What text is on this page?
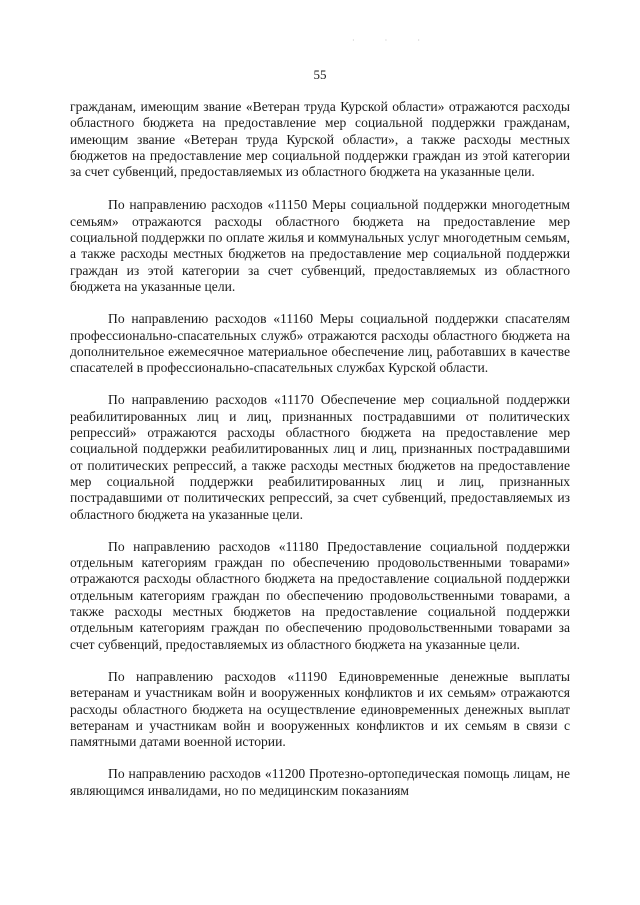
· · ·
55

гражданам, имеющим звание «Ветеран труда Курской области» отражаются расходы областного бюджета на предоставление мер социальной поддержки гражданам, имеющим звание «Ветеран труда Курской области», а также расходы местных бюджетов на предоставление мер социальной поддержки граждан из этой категории за счет субвенций, предоставляемых из областного бюджета на указанные цели.

По направлению расходов «11150 Меры социальной поддержки многодетным семьям» отражаются расходы областного бюджета на предоставление мер социальной поддержки по оплате жилья и коммунальных услуг многодетным семьям, а также расходы местных бюджетов на предоставление мер социальной поддержки граждан из этой категории за счет субвенций, предоставляемых из областного бюджета на указанные цели.

По направлению расходов «11160 Меры социальной поддержки спасателям профессионально-спасательных служб» отражаются расходы областного бюджета на дополнительное ежемесячное материальное обеспечение лиц, работавших в качестве спасателей в профессионально-спасательных службах Курской области.

По направлению расходов «11170 Обеспечение мер социальной поддержки реабилитированных лиц и лиц, признанных пострадавшими от политических репрессий» отражаются расходы областного бюджета на предоставление мер социальной поддержки реабилитированных лиц и лиц, признанных пострадавшими от политических репрессий, а также расходы местных бюджетов на предоставление мер социальной поддержки реабилитированных лиц и лиц, признанных пострадавшими от политических репрессий, за счет субвенций, предоставляемых из областного бюджета на указанные цели.

По направлению расходов «11180 Предоставление социальной поддержки отдельным категориям граждан по обеспечению продовольственными товарами» отражаются расходы областного бюджета на предоставление социальной поддержки отдельным категориям граждан по обеспечению продовольственными товарами, а также расходы местных бюджетов на предоставление социальной поддержки отдельным категориям граждан по обеспечению продовольственными товарами за счет субвенций, предоставляемых из областного бюджета на указанные цели.

По направлению расходов «11190 Единовременные денежные выплаты ветеранам и участникам войн и вооруженных конфликтов и их семьям» отражаются расходы областного бюджета на осуществление единовременных денежных выплат ветеранам и участникам войн и вооруженных конфликтов и их семьям в связи с памятными датами военной истории.

По направлению расходов «11200 Протезно-ортопедическая помощь лицам, не являющимся инвалидами, но по медицинским показаниям
